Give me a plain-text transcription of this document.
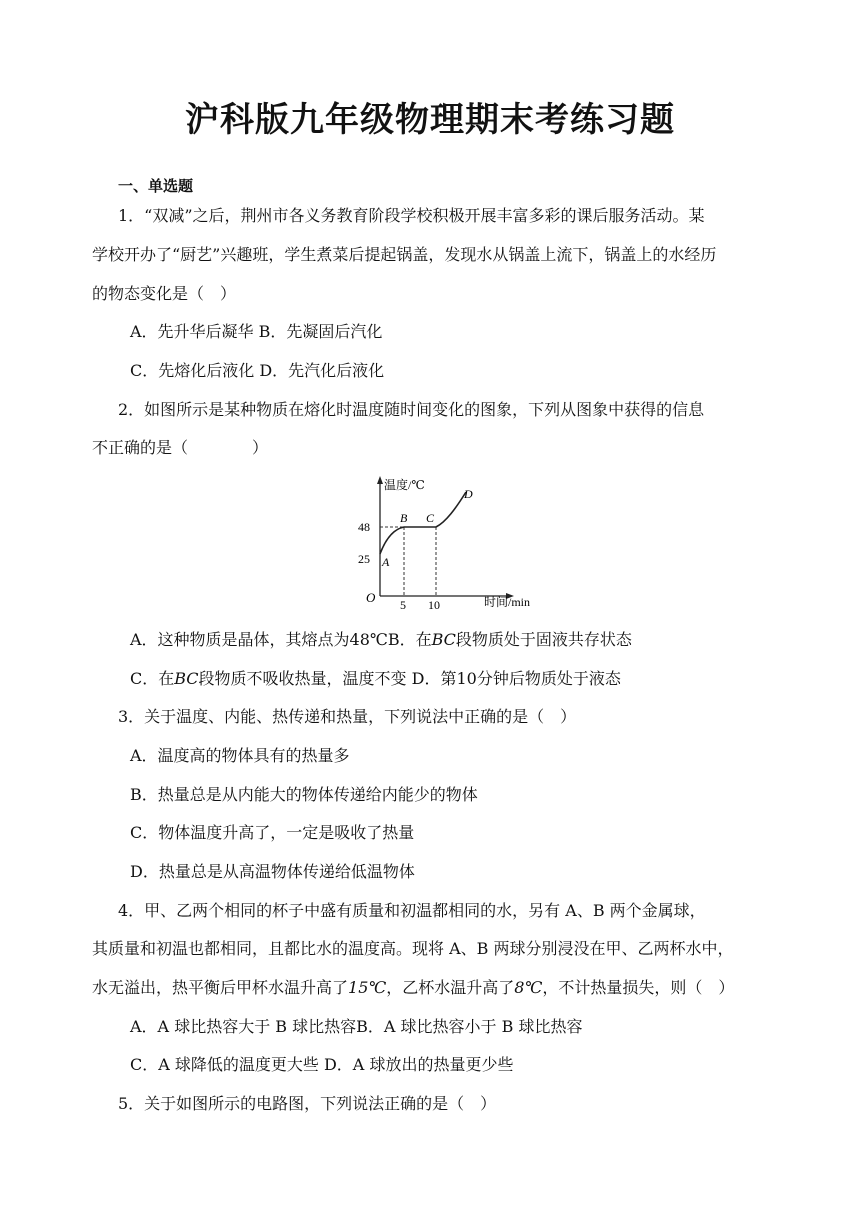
沪科版九年级物理期末考练习题
一、单选题
1．“双减”之后，荆州市各义务教育阶段学校积极开展丰富多彩的课后服务活动。某
学校开办了“厨艺”兴趣班，学生煮菜后提起锅盖，发现水从锅盖上流下，锅盖上的水经历
的物态变化是（　）
A．先升华后凝华 B．先凝固后汽化
C．先熔化后液化 D．先汽化后液化
2．如图所示是某种物质在熔化时温度随时间变化的图象，下列从图象中获得的信息
不正确的是（　　　　）
温度/℃
时间/min
O
48
25
5 10
A
B C
D
A．这种物质是晶体，其熔点为48℃B．在BC段物质处于固液共存状态
C．在BC段物质不吸收热量，温度不变 D．第10分钟后物质处于液态
3．关于温度、内能、热传递和热量，下列说法中正确的是（　）
A．温度高的物体具有的热量多
B．热量总是从内能大的物体传递给内能少的物体
C．物体温度升高了，一定是吸收了热量
D．热量总是从高温物体传递给低温物体
4．甲、乙两个相同的杯子中盛有质量和初温都相同的水，另有 A、B 两个金属球，
其质量和初温也都相同，且都比水的温度高。现将 A、B 两球分别浸没在甲、乙两杯水中，
水无溢出，热平衡后甲杯水温升高了15℃，乙杯水温升高了8℃，不计热量损失，则（　）
A．A 球比热容大于 B 球比热容B．A 球比热容小于 B 球比热容
C．A 球降低的温度更大些 D．A 球放出的热量更少些
5．关于如图所示的电路图，下列说法正确的是（　）
